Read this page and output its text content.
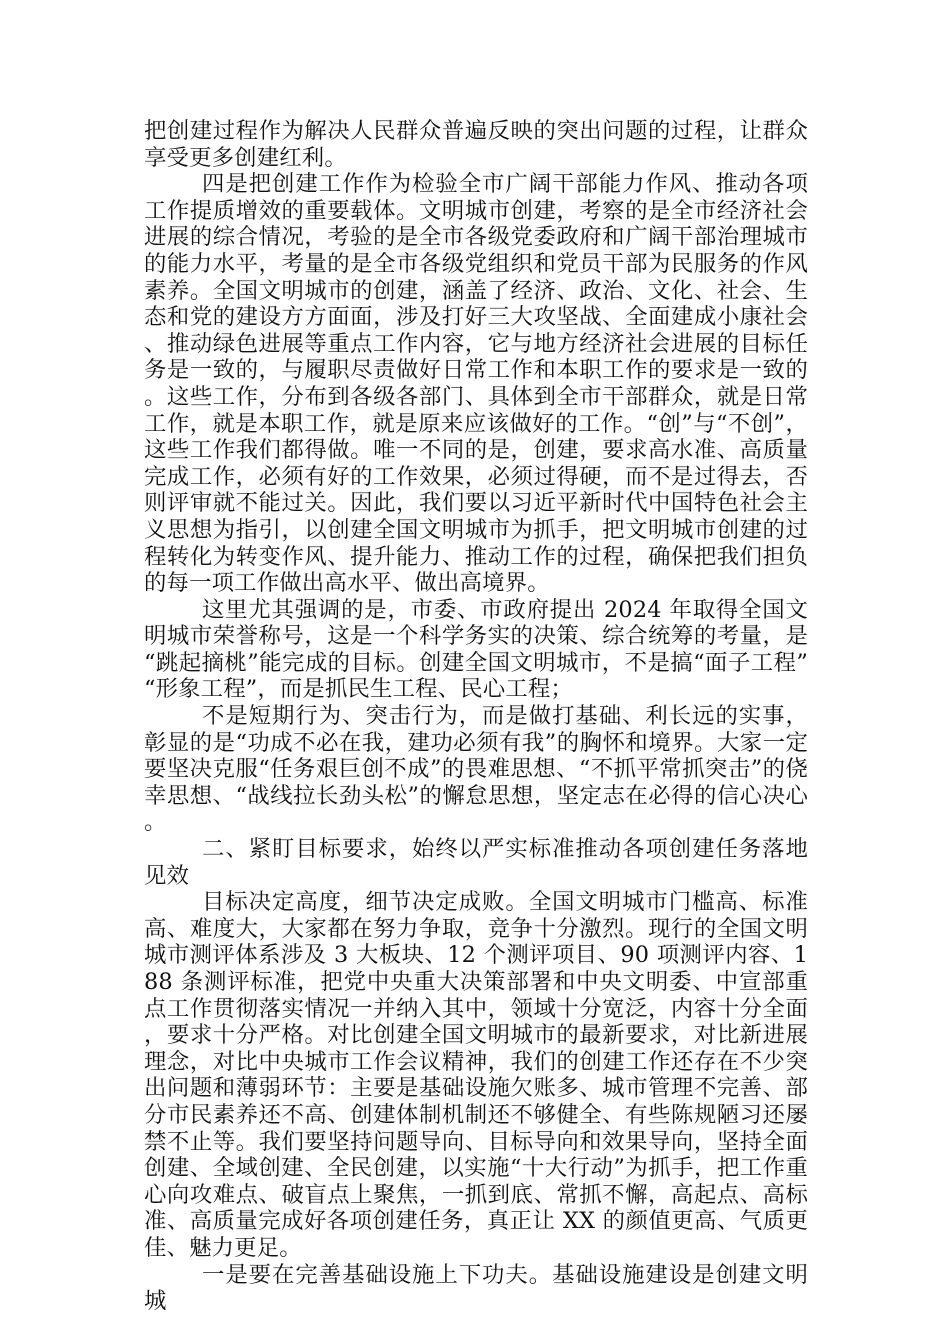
把创建过程作为解决人民群众普遍反映的突出问题的过程，让群众享受更多创建红利。

四是把创建工作作为检验全市广阔干部能力作风、推动各项工作提质增效的重要载体。文明城市创建，考察的是全市经济社会进展的综合情况，考验的是全市各级党委政府和广阔干部治理城市的能力水平，考量的是全市各级党组织和党员干部为民服务的作风素养。全国文明城市的创建，涵盖了经济、政治、文化、社会、生态和党的建设方方面面，涉及打好三大攻坚战、全面建成小康社会、推动绿色进展等重点工作内容，它与地方经济社会进展的目标任务是一致的，与履职尽责做好日常工作和本职工作的要求是一致的。这些工作，分布到各级各部门、具体到全市干部群众，就是日常工作，就是本职工作，就是原来应该做好的工作。“创”与“不创”，这些工作我们都得做。唯一不同的是，创建，要求高水准、高质量完成工作，必须有好的工作效果，必须过得硬，而不是过得去，否则评审就不能过关。因此，我们要以习近平新时代中国特色社会主义思想为指引，以创建全国文明城市为抓手，把文明城市创建的过程转化为转变作风、提升能力、推动工作的过程，确保把我们担负的每一项工作做出高水平、做出高境界。

这里尤其强调的是，市委、市政府提出 2024 年取得全国文明城市荣誉称号，这是一个科学务实的决策、综合统筹的考量，是“跳起摘桃”能完成的目标。创建全国文明城市，不是搞“面子工程”“形象工程”，而是抓民生工程、民心工程；

不是短期行为、突击行为，而是做打基础、利长远的实事，彰显的是“功成不必在我，建功必须有我”的胸怀和境界。大家一定要坚决克服“任务艰巨创不成”的畏难思想、“不抓平常抓突击”的侥幸思想、“战线拉长劲头松”的懈怠思想，坚定志在必得的信心决心。

二、紧盯目标要求，始终以严实标准推动各项创建任务落地见效

目标决定高度，细节决定成败。全国文明城市门槛高、标准高、难度大，大家都在努力争取，竞争十分激烈。现行的全国文明城市测评体系涉及 3 大板块、12 个测评项目、90 项测评内容、188 条测评标准，把党中央重大决策部署和中央文明委、中宣部重点工作贯彻落实情况一并纳入其中，领域十分宽泛，内容十分全面，要求十分严格。对比创建全国文明城市的最新要求，对比新进展理念，对比中央城市工作会议精神，我们的创建工作还存在不少突出问题和薄弱环节：主要是基础设施欠账多、城市管理不完善、部分市民素养还不高、创建体制机制还不够健全、有些陈规陋习还屡禁不止等。我们要坚持问题导向、目标导向和效果导向，坚持全面创建、全域创建、全民创建，以实施“十大行动”为抓手，把工作重心向攻难点、破盲点上聚焦，一抓到底、常抓不懈，高起点、高标准、高质量完成好各项创建任务，真正让 XX 的颜值更高、气质更佳、魅力更足。

一是要在完善基础设施上下功夫。基础设施建设是创建文明城
